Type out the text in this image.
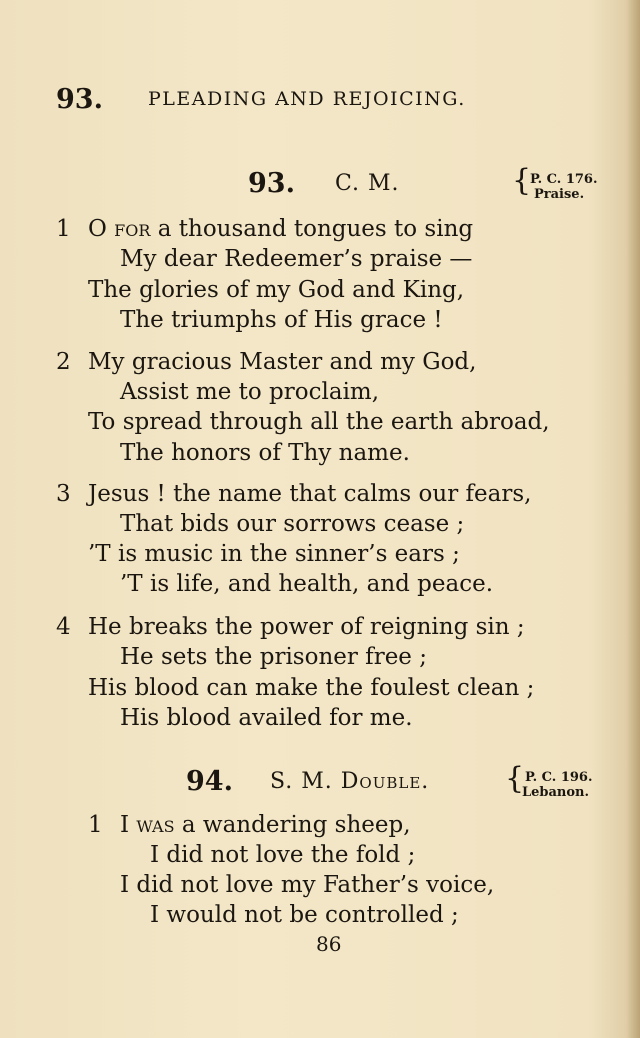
93. PLEADING AND REJOICING.
93. C. M.	{
P. C. 176.
Praise.
1 O for a thousand tongues to sing
My dear Redeemer’s praise —
The glories of my God and King,
The triumphs of His grace !
2 My gracious Master and my God,
Assist me to proclaim,
To spread through all the earth abroad,
The honors of Thy name.
3 Jesus ! the name that calms our fears,
That bids our sorrows cease ;
’T is music in the sinner’s ears ;
’T is life, and health, and peace.
4 He breaks the power of reigning sin ;
He sets the prisoner free ;
His blood can make the foulest clean ;
His blood availed for me.
94. S. M. Double.	{ P. C. 196.
Lebanon.
1 I was a wandering sheep,
I did not love the fold ;
I did not love my Father’s voice,
I would not be controlled ;
86
